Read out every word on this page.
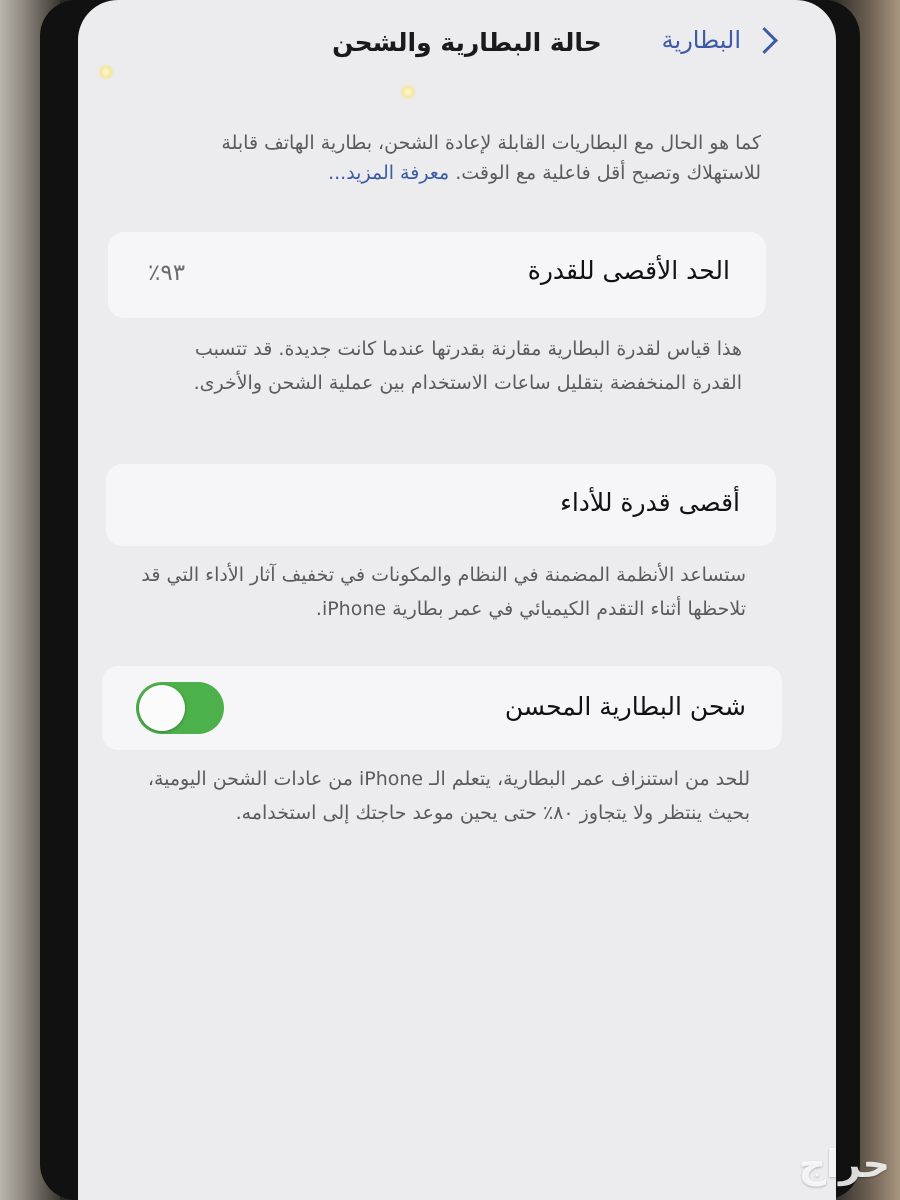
البطارية
حالة البطارية والشحن
كما هو الحال مع البطاريات القابلة لإعادة الشحن، بطارية الهاتف قابلة للاستهلاك وتصبح أقل فاعلية مع الوقت. معرفة المزيد...
الحد الأقصى للقدرة
٩٣٪
هذا قياس لقدرة البطارية مقارنة بقدرتها عندما كانت جديدة. قد تتسبب القدرة المنخفضة بتقليل ساعات الاستخدام بين عملية الشحن والأخرى.
أقصى قدرة للأداء
ستساعد الأنظمة المضمنة في النظام والمكونات في تخفيف آثار الأداء التي قد تلاحظها أثناء التقدم الكيميائي في عمر بطارية iPhone.
شحن البطارية المحسن
للحد من استنزاف عمر البطارية، يتعلم الـ iPhone من عادات الشحن اليومية، بحيث ينتظر ولا يتجاوز ٨٠٪ حتى يحين موعد حاجتك إلى استخدامه.
حراج
